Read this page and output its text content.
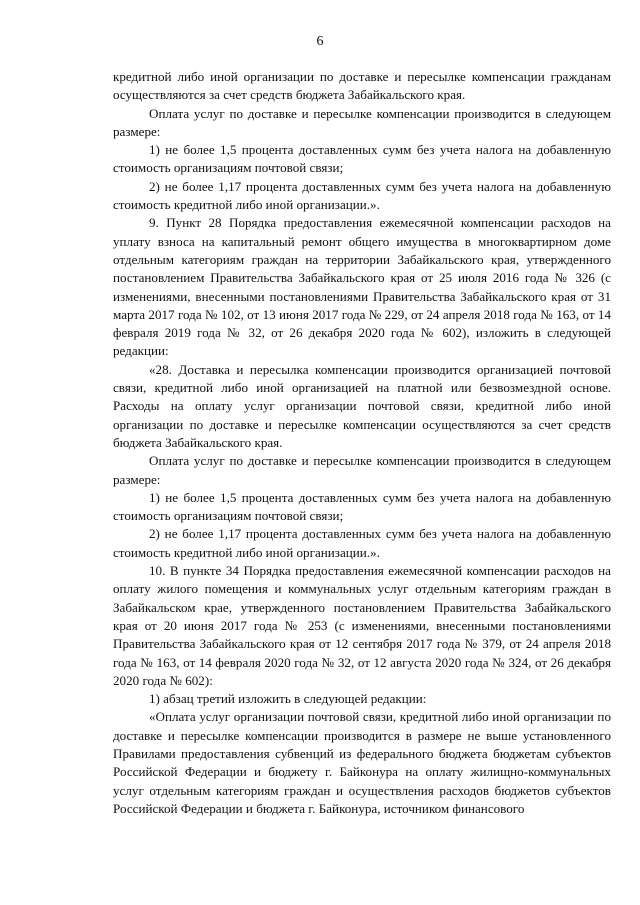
6

кредитной либо иной организации по доставке и пересылке компенсации гражданам осуществляются за счет средств бюджета Забайкальского края.

Оплата услуг по доставке и пересылке компенсации производится в следующем размере:

1) не более 1,5 процента доставленных сумм без учета налога на добавленную стоимость организациям почтовой связи;

2) не более 1,17 процента доставленных сумм без учета налога на добавленную стоимость кредитной либо иной организации.».

9. Пункт 28 Порядка предоставления ежемесячной компенсации расходов на уплату взноса на капитальный ремонт общего имущества в многоквартирном доме отдельным категориям граждан на территории Забайкальского края, утвержденного постановлением Правительства Забайкальского края от 25 июля 2016 года № 326 (с изменениями, внесенными постановлениями Правительства Забайкальского края от 31 марта 2017 года № 102, от 13 июня 2017 года № 229, от 24 апреля 2018 года № 163, от 14 февраля 2019 года № 32, от 26 декабря 2020 года № 602), изложить в следующей редакции:

«28. Доставка и пересылка компенсации производится организацией почтовой связи, кредитной либо иной организацией на платной или безвозмездной основе. Расходы на оплату услуг организации почтовой связи, кредитной либо иной организации по доставке и пересылке компенсации осуществляются за счет средств бюджета Забайкальского края.

Оплата услуг по доставке и пересылке компенсации производится в следующем размере:

1) не более 1,5 процента доставленных сумм без учета налога на добавленную стоимость организациям почтовой связи;

2) не более 1,17 процента доставленных сумм без учета налога на добавленную стоимость кредитной либо иной организации.».

10. В пункте 34 Порядка предоставления ежемесячной компенсации расходов на оплату жилого помещения и коммунальных услуг отдельным категориям граждан в Забайкальском крае, утвержденного постановлением Правительства Забайкальского края от 20 июня 2017 года № 253 (с изменениями, внесенными постановлениями Правительства Забайкальского края от 12 сентября 2017 года № 379, от 24 апреля 2018 года № 163, от 14 февраля 2020 года № 32, от 12 августа 2020 года № 324, от 26 декабря 2020 года № 602):

1) абзац третий изложить в следующей редакции:

«Оплата услуг организации почтовой связи, кредитной либо иной организации по доставке и пересылке компенсации производится в размере не выше установленного Правилами предоставления субвенций из федерального бюджета бюджетам субъектов Российской Федерации и бюджету г. Байконура на оплату жилищно-коммунальных услуг отдельным категориям граждан и осуществления расходов бюджетов субъектов Российской Федерации и бюджета г. Байконура, источником финансового
